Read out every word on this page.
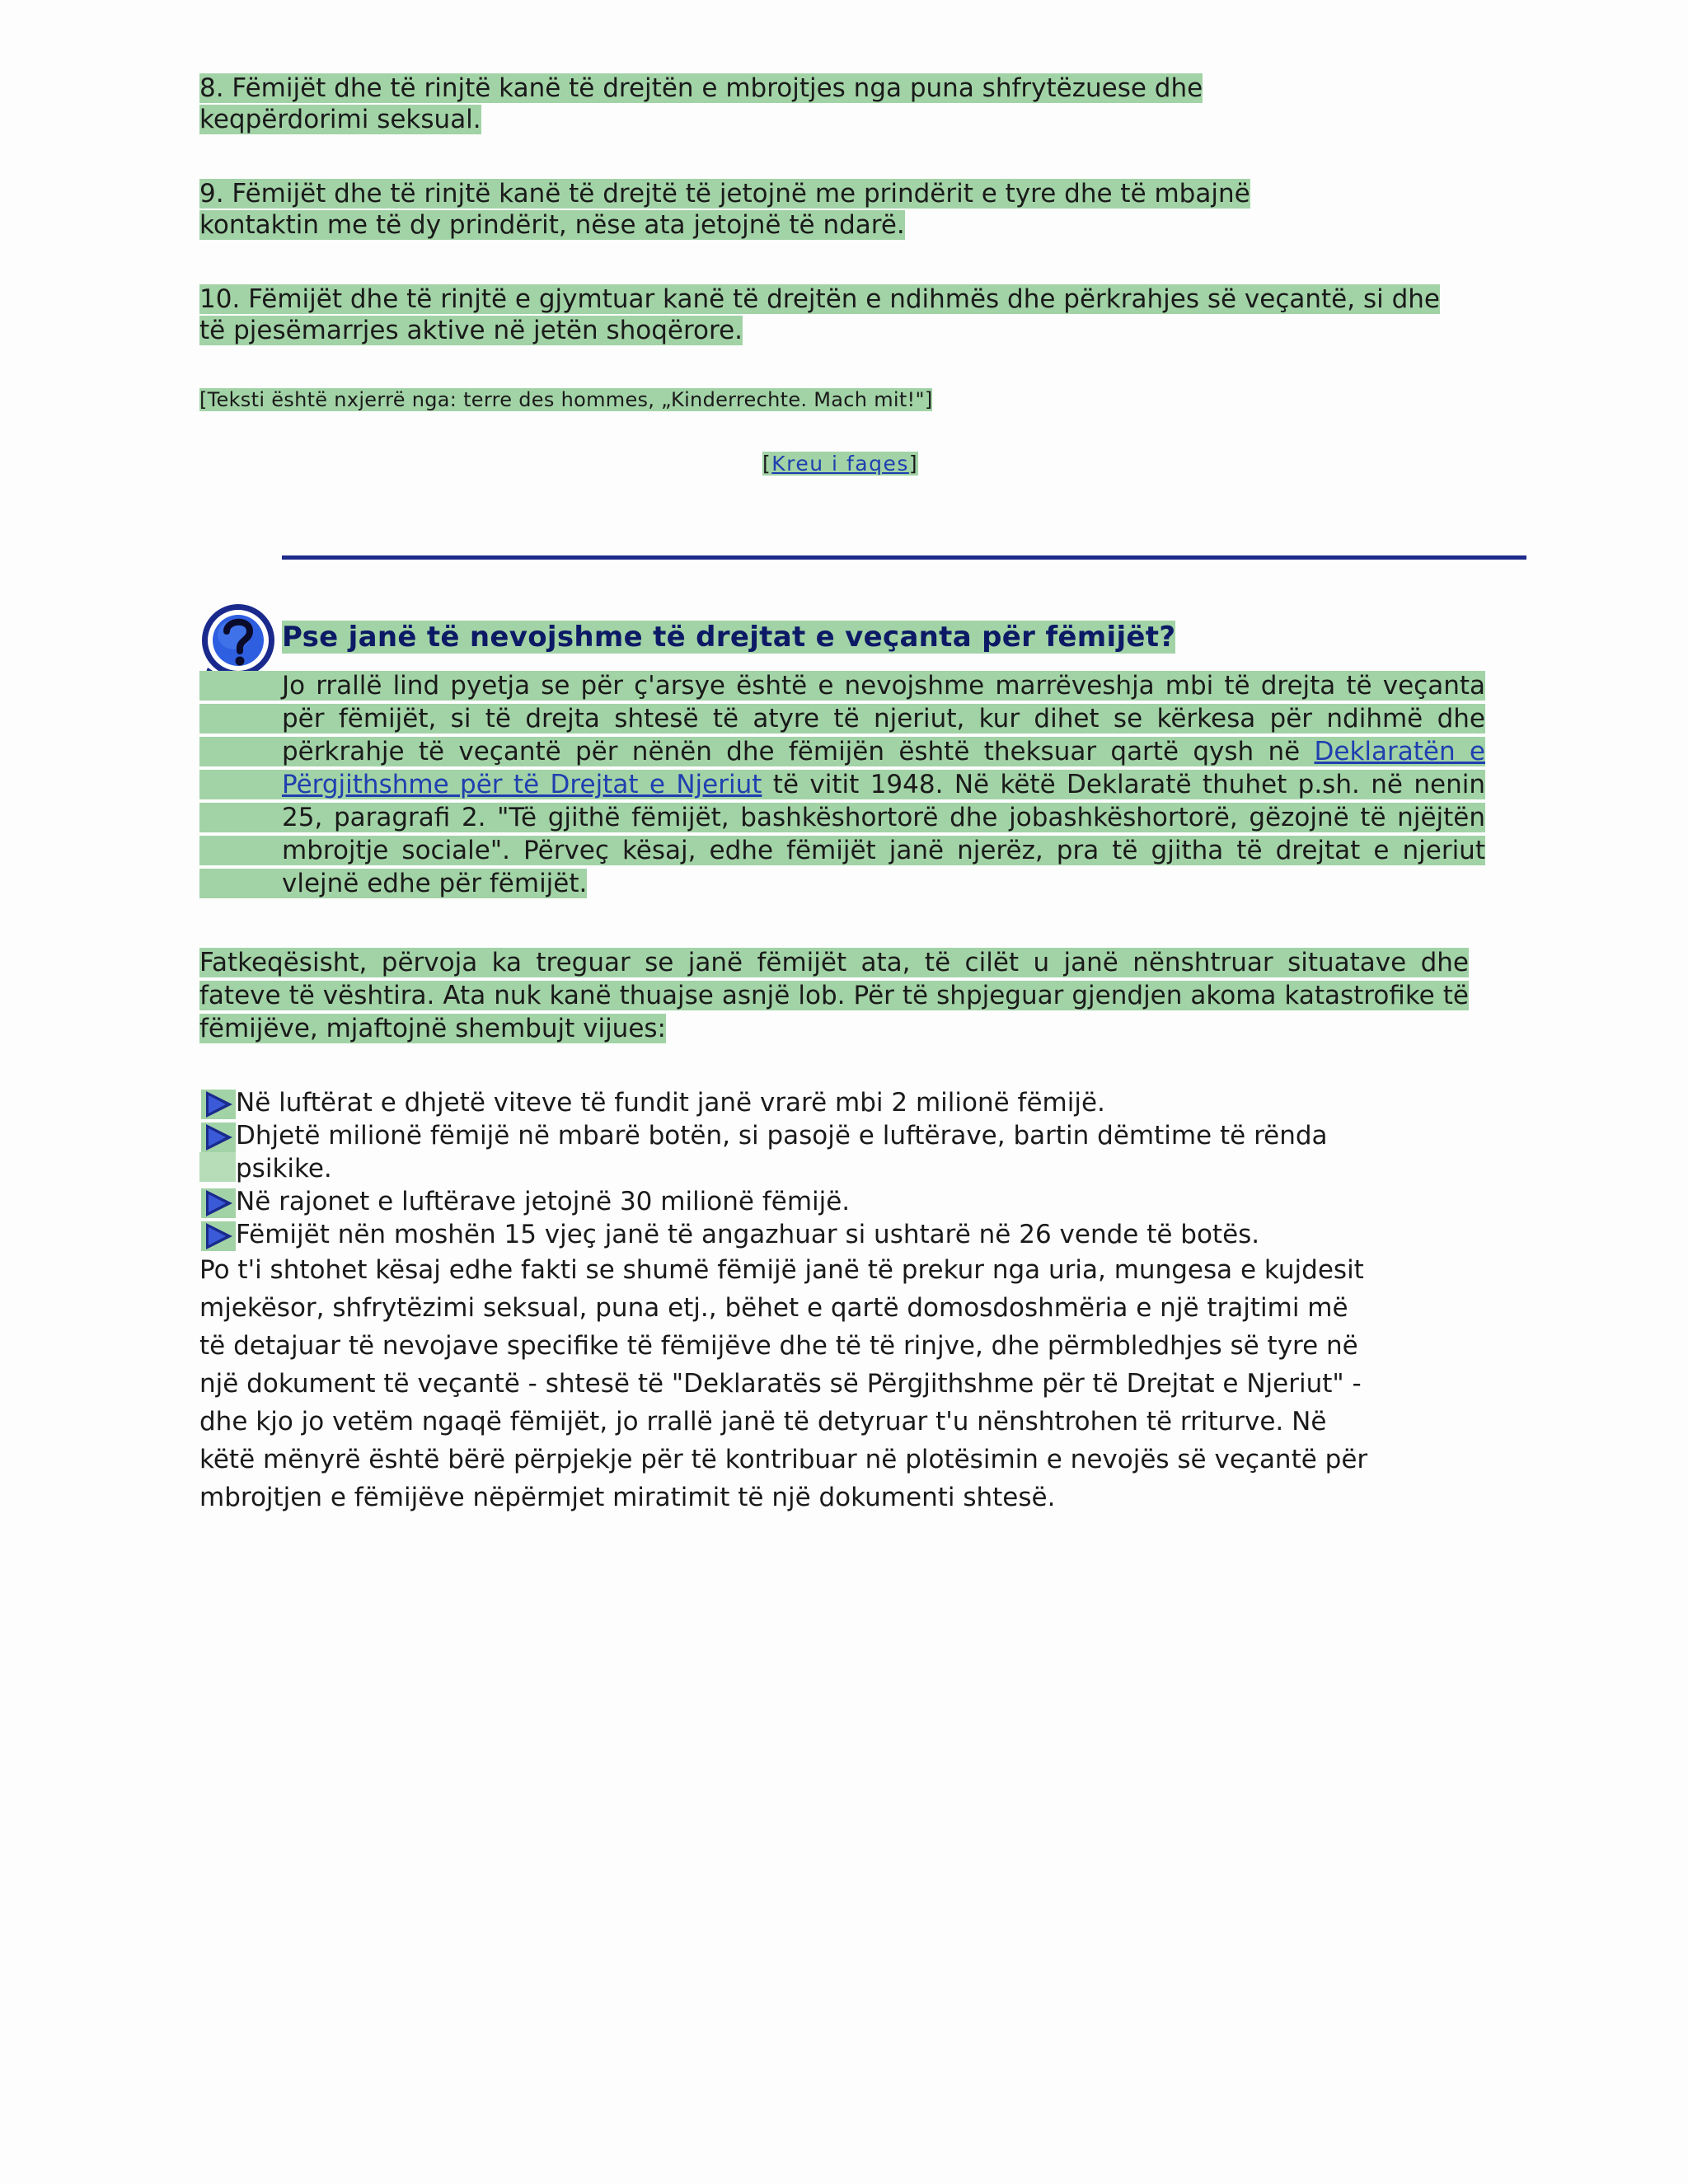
8. Fëmijët dhe të rinjtë kanë të drejtën e mbrojtjes nga puna shfrytëzuese dhe keqpërdorimi seksual.

9. Fëmijët dhe të rinjtë kanë të drejtë të jetojnë me prindërit e tyre dhe të mbajnë kontaktin me të dy prindërit, nëse ata jetojnë të ndarë.

10. Fëmijët dhe të rinjtë e gjymtuar kanë të drejtën e ndihmës dhe përkrahjes së veçantë, si dhe të pjesëmarrjes aktive në jetën shoqërore.

[Teksti është nxjerrë nga: terre des hommes, „Kinderrechte. Mach mit!"]

[Kreu i faqes]

Pse janë të nevojshme të drejtat e veçanta për fëmijët?

Jo rrallë lind pyetja se për ç'arsye është e nevojshme marrëveshja mbi të drejta të veçanta për fëmijët, si të drejta shtesë të atyre të njeriut, kur dihet se kërkesa për ndihmë dhe përkrahje të veçantë për nënën dhe fëmijën është theksuar qartë qysh në Deklaratën e Përgjithshme për të Drejtat e Njeriut të vitit 1948. Në këtë Deklaratë thuhet p.sh. në nenin 25, paragrafi 2. "Të gjithë fëmijët, bashkëshortorë dhe jobashkëshortorë, gëzojnë të njëjtën mbrojtje sociale". Përveç kësaj, edhe fëmijët janë njerëz, pra të gjitha të drejtat e njeriut vlejnë edhe për fëmijët.

Fatkeqësisht, përvoja ka treguar se janë fëmijët ata, të cilët u janë nënshtruar situatave dhe fateve të vështira. Ata nuk kanë thuajse asnjë lob. Për të shpjeguar gjendjen akoma katastrofike të fëmijëve, mjaftojnë shembujt vijues:

Në luftërat e dhjetë viteve të fundit janë vrarë mbi 2 milionë fëmijë.
Dhjetë milionë fëmijë në mbarë botën, si pasojë e luftërave, bartin dëmtime të rënda
psikike.
Në rajonet e luftërave jetojnë 30 milionë fëmijë.
Fëmijët nën moshën 15 vjeç janë të angazhuar si ushtarë në 26 vende të botës.

Po t'i shtohet kësaj edhe fakti se shumë fëmijë janë të prekur nga uria, mungesa e kujdesit
mjekësor, shfrytëzimi seksual, puna etj., bëhet e qartë domosdoshmëria e një trajtimi më
të detajuar të nevojave specifike të fëmijëve dhe të të rinjve, dhe përmbledhjes së tyre në
një dokument të veçantë - shtesë të "Deklaratës së Përgjithshme për të Drejtat e Njeriut" -
dhe kjo jo vetëm ngaqë fëmijët, jo rrallë janë të detyruar t'u nënshtrohen të rriturve. Në
këtë mënyrë është bërë përpjekje për të kontribuar në plotësimin e nevojës së veçantë për
mbrojtjen e fëmijëve nëpërmjet miratimit të një dokumenti shtesë.
